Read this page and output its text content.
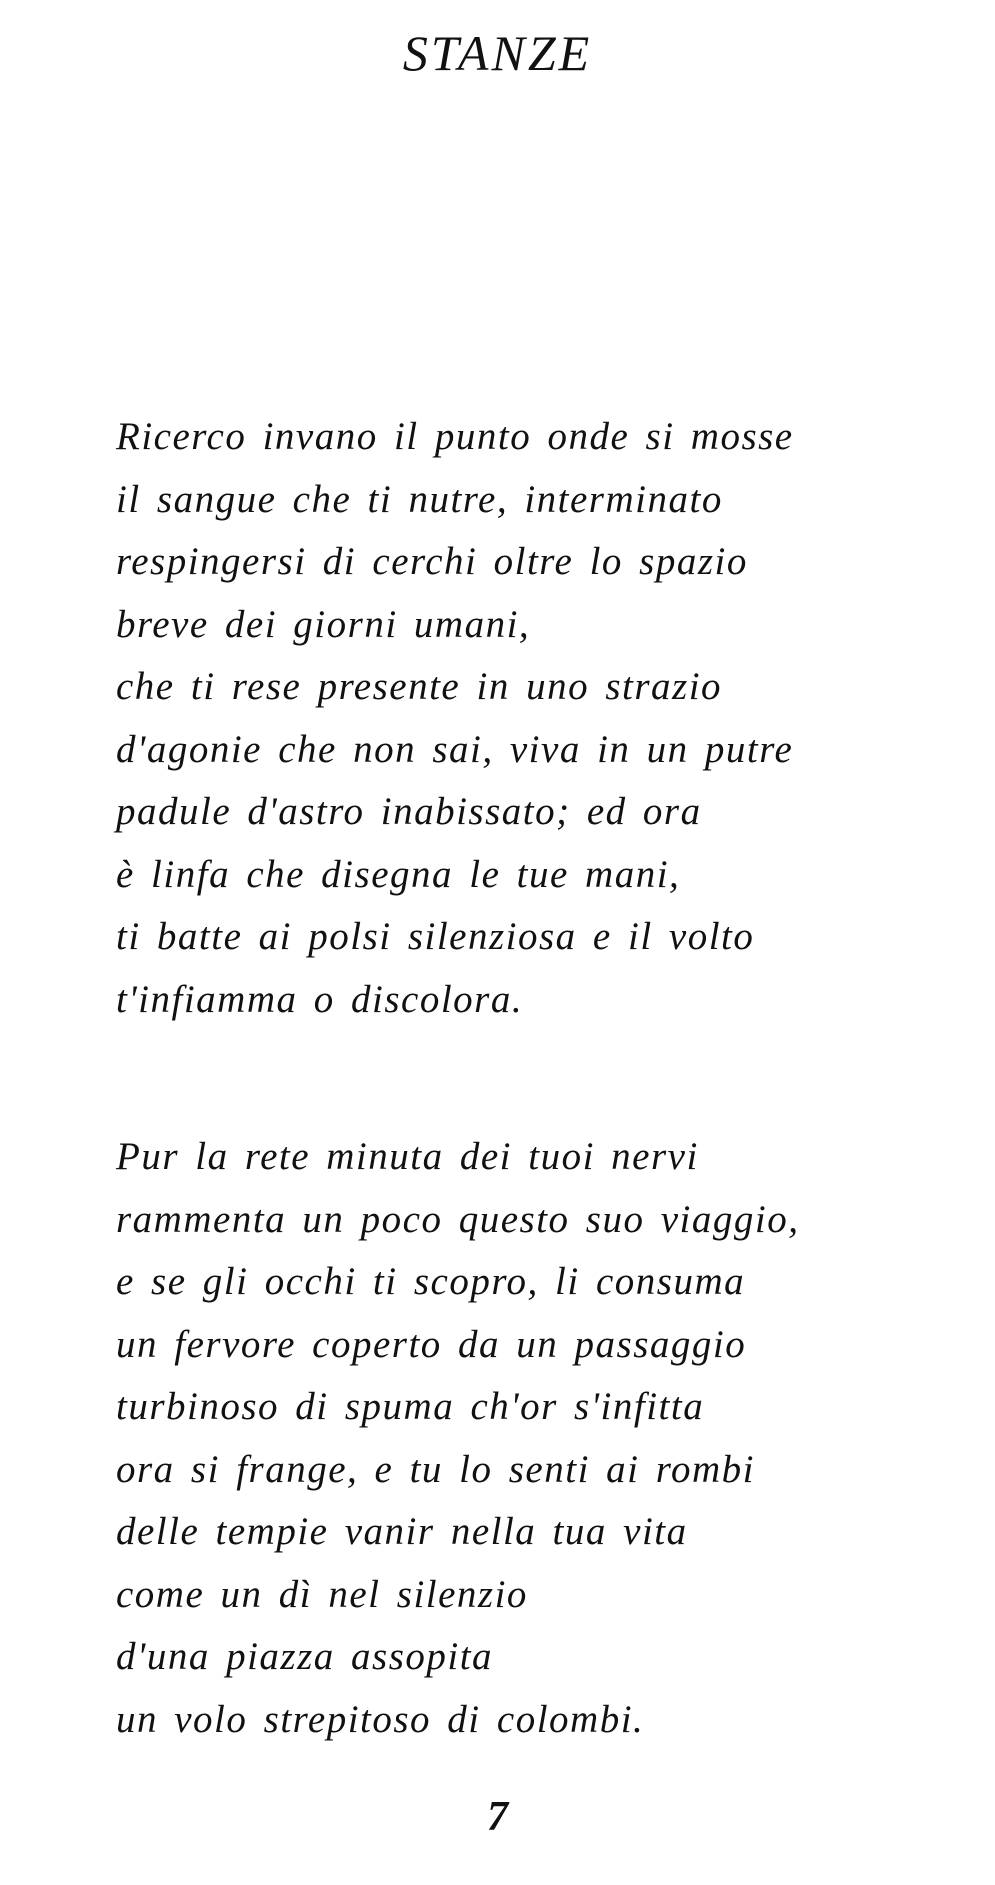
STANZE
Ricerco invano il punto onde si mosse
il sangue che ti nutre, interminato
respingersi di cerchi oltre lo spazio
breve dei giorni umani,
che ti rese presente in uno strazio
d'agonie che non sai, viva in un putre
padule d'astro inabissato; ed ora
è linfa che disegna le tue mani,
ti batte ai polsi silenziosa e il volto
t'infiamma o discolora.
Pur la rete minuta dei tuoi nervi
rammenta un poco questo suo viaggio,
e se gli occhi ti scopro, li consuma
un fervore coperto da un passaggio
turbinoso di spuma ch'or s'infitta
ora si frange, e tu lo senti ai rombi
delle tempie vanir nella tua vita
come un dì nel silenzio
d'una piazza assopita
un volo strepitoso di colombi.
7
